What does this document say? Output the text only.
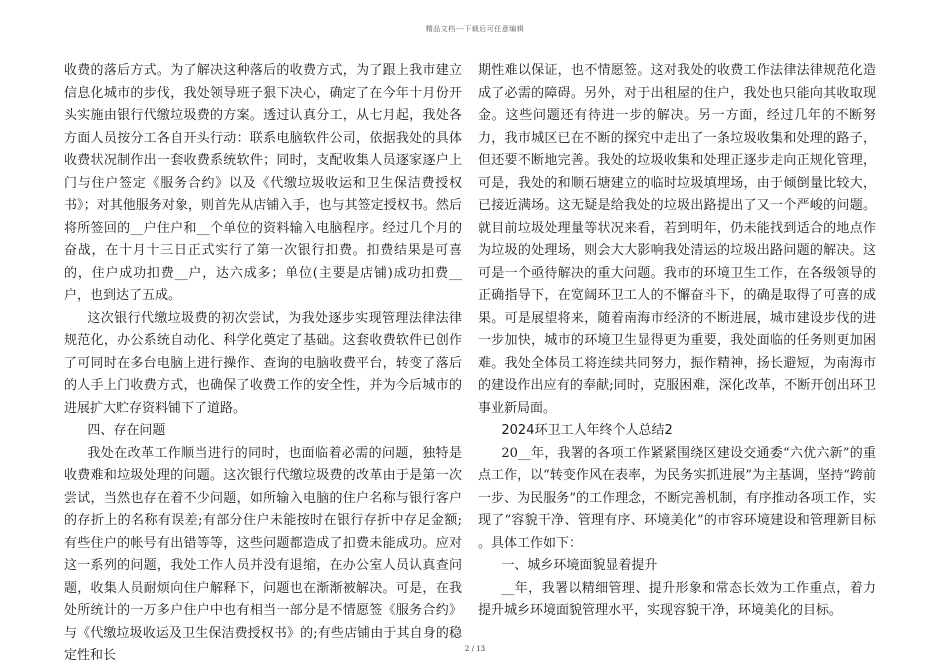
精品文档---下载后可任意编辑

收费的落后方式。为了解决这种落后的收费方式，为了跟上我市建立信息化城市的步伐，我处领导班子狠下决心，确定了在今年十月份开头实施由银行代缴垃圾费的方案。透过认真分工，从七月起，我处各方面人员按分工各自开头行动：联系电脑软件公司，依据我处的具体收费状况制作出一套收费系统软件；同时，支配收集人员逐家逐户上门与住户签定《服务合约》以及《代缴垃圾收运和卫生保洁费授权书》；对其他服务对象，则首先从店铺入手，也与其签定授权书。然后将所签回的__户住户和__个单位的资料输入电脑程序。经过几个月的奋战，在十月十三日正式实行了第一次银行扣费。扣费结果是可喜的，住户成功扣费__户，达六成多；单位(主要是店铺)成功扣费__户，也到达了五成。

这次银行代缴垃圾费的初次尝试，为我处逐步实现管理法律法律规范化，办公系统自动化、科学化奠定了基础。这套收费软件已创作了可同时在多台电脑上进行操作、查询的电脑收费平台，转变了落后的人手上门收费方式，也确保了收费工作的安全性，并为今后城市的进展扩大贮存资料铺下了道路。

四、存在问题

我处在改革工作顺当进行的同时，也面临着必需的问题，独特是收费难和垃圾处理的问题。这次银行代缴垃圾费的改革由于是第一次尝试，当然也存在着不少问题，如所输入电脑的住户名称与银行客户的存折上的名称有误差;有部分住户未能按时在银行存折中存足金额;有些住户的帐号有出错等等，这些问题都造成了扣费未能成功。应对这一系列的问题，我处工作人员并没有退缩，在办公室人员认真查问题，收集人员耐烦向住户解释下，问题也在渐渐被解决。可是，在我处所统计的一万多户住户中也有相当一部分是不情愿签《服务合约》与《代缴垃圾收运及卫生保洁费授权书》的;有些店铺由于其自身的稳定性和长

期性难以保证，也不情愿签。这对我处的收费工作法律法律规范化造成了必需的障碍。另外，对于出租屋的住户，我处也只能向其收取现金。这些问题还有待进一步的解决。另一方面，经过几年的不断努力，我市城区已在不断的探究中走出了一条垃圾收集和处理的路子，但还要不断地完善。我处的垃圾收集和处理正逐步走向正规化管理，可是，我处的和顺石塘建立的临时垃圾填埋场，由于倾倒量比较大，已接近满场。这无疑是给我处的垃圾出路提出了又一个严峻的问题。就目前垃圾处理量等状况来看，若到明年，仍未能找到适合的地点作为垃圾的处理场，则会大大影响我处清运的垃圾出路问题的解决。这可是一个亟待解决的重大问题。我市的环境卫生工作，在各级领导的正确指导下，在宽阔环卫工人的不懈奋斗下，的确是取得了可喜的成果。可是展望将来，随着南海市经济的不断进展，城市建设步伐的进一步加快，城市的环境卫生显得更为重要，我处面临的任务则更加困难。我处全体员工将连续共同努力，振作精神，扬长避短，为南海市的建设作出应有的奉献;同时，克服困难，深化改革，不断开创出环卫事业新局面。

2024环卫工人年终个人总结2

20__年，我署的各项工作紧紧围绕区建设交通委“六优六新”的重点工作，以“转变作风在表率，为民务实抓进展”为主基调，坚持“跨前一步、为民服务”的工作理念，不断完善机制，有序推动各项工作，实现了“容貌干净、管理有序、环境美化”的市容环境建设和管理新目标 。具体工作如下：

一、城乡环境面貌显着提升

__年，我署以精细管理、提升形象和常态长效为工作重点，着力提升城乡环境面貌管理水平，实现容貌干净，环境美化的目标。

2 / 13
